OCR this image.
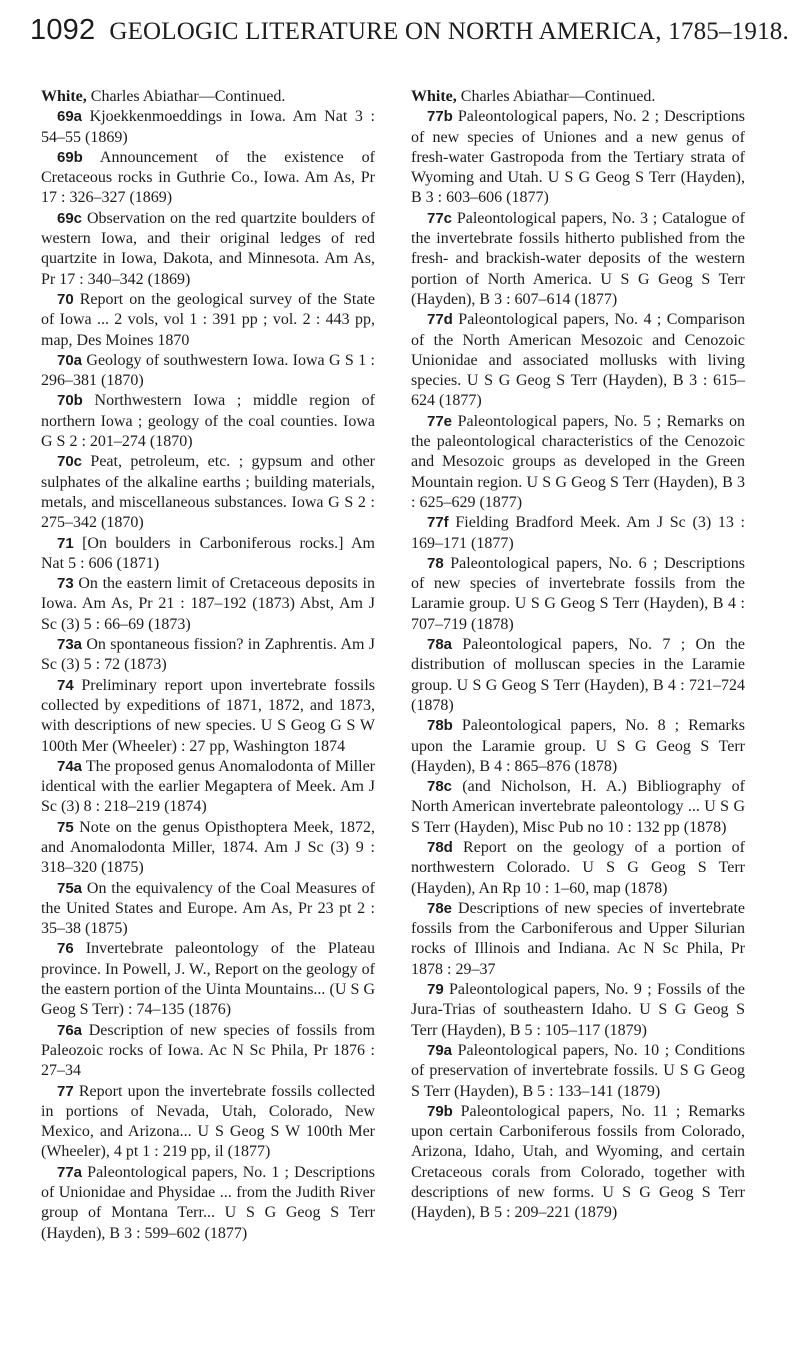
1092 GEOLOGIC LITERATURE ON NORTH AMERICA, 1785–1918.

White, Charles Abiathar—Continued.

69a Kjoekkenmoeddings in Iowa. Am Nat 3 : 54–55 (1869)

69b Announcement of the existence of Cretaceous rocks in Guthrie Co., Iowa. Am As, Pr 17 : 326–327 (1869)

69c Observation on the red quartzite boulders of western Iowa, and their original ledges of red quartzite in Iowa, Dakota, and Minnesota. Am As, Pr 17 : 340–342 (1869)

70 Report on the geological survey of the State of Iowa ... 2 vols, vol 1 : 391 pp ; vol. 2 : 443 pp, map, Des Moines 1870

70a Geology of southwestern Iowa. Iowa G S 1 : 296–381 (1870)

70b Northwestern Iowa ; middle region of northern Iowa ; geology of the coal counties. Iowa G S 2 : 201–274 (1870)

70c Peat, petroleum, etc. ; gypsum and other sulphates of the alkaline earths ; building materials, metals, and miscellaneous substances. Iowa G S 2 : 275–342 (1870)

71 [On boulders in Carboniferous rocks.] Am Nat 5 : 606 (1871)

73 On the eastern limit of Cretaceous deposits in Iowa. Am As, Pr 21 : 187–192 (1873) Abst, Am J Sc (3) 5 : 66–69 (1873)

73a On spontaneous fission? in Zaphrentis. Am J Sc (3) 5 : 72 (1873)

74 Preliminary report upon invertebrate fossils collected by expeditions of 1871, 1872, and 1873, with descriptions of new species. U S Geog G S W 100th Mer (Wheeler) : 27 pp, Washington 1874

74a The proposed genus Anomalodonta of Miller identical with the earlier Megaptera of Meek. Am J Sc (3) 8 : 218–219 (1874)

75 Note on the genus Opisthoptera Meek, 1872, and Anomalodonta Miller, 1874. Am J Sc (3) 9 : 318–320 (1875)

75a On the equivalency of the Coal Measures of the United States and Europe. Am As, Pr 23 pt 2 : 35–38 (1875)

76 Invertebrate paleontology of the Plateau province. In Powell, J. W., Report on the geology of the eastern portion of the Uinta Mountains... (U S G Geog S Terr) : 74–135 (1876)

76a Description of new species of fossils from Paleozoic rocks of Iowa. Ac N Sc Phila, Pr 1876 : 27–34

77 Report upon the invertebrate fossils collected in portions of Nevada, Utah, Colorado, New Mexico, and Arizona... U S Geog S W 100th Mer (Wheeler), 4 pt 1 : 219 pp, il (1877)

77a Paleontological papers, No. 1 ; Descriptions of Unionidae and Physidae ... from the Judith River group of Montana Terr... U S G Geog S Terr (Hayden), B 3 : 599–602 (1877)

White, Charles Abiathar—Continued.

77b Paleontological papers, No. 2 ; Descriptions of new species of Uniones and a new genus of fresh-water Gastropoda from the Tertiary strata of Wyoming and Utah. U S G Geog S Terr (Hayden), B 3 : 603–606 (1877)

77c Paleontological papers, No. 3 ; Catalogue of the invertebrate fossils hitherto published from the fresh- and brackish-water deposits of the western portion of North America. U S G Geog S Terr (Hayden), B 3 : 607–614 (1877)

77d Paleontological papers, No. 4 ; Comparison of the North American Mesozoic and Cenozoic Unionidae and associated mollusks with living species. U S G Geog S Terr (Hayden), B 3 : 615–624 (1877)

77e Paleontological papers, No. 5 ; Remarks on the paleontological characteristics of the Cenozoic and Mesozoic groups as developed in the Green Mountain region. U S G Geog S Terr (Hayden), B 3 : 625–629 (1877)

77f Fielding Bradford Meek. Am J Sc (3) 13 : 169–171 (1877)

78 Paleontological papers, No. 6 ; Descriptions of new species of invertebrate fossils from the Laramie group. U S G Geog S Terr (Hayden), B 4 : 707–719 (1878)

78a Paleontological papers, No. 7 ; On the distribution of molluscan species in the Laramie group. U S G Geog S Terr (Hayden), B 4 : 721–724 (1878)

78b Paleontological papers, No. 8 ; Remarks upon the Laramie group. U S G Geog S Terr (Hayden), B 4 : 865–876 (1878)

78c (and Nicholson, H. A.) Bibliography of North American invertebrate paleontology ... U S G S Terr (Hayden), Misc Pub no 10 : 132 pp (1878)

78d Report on the geology of a portion of northwestern Colorado. U S G Geog S Terr (Hayden), An Rp 10 : 1–60, map (1878)

78e Descriptions of new species of invertebrate fossils from the Carboniferous and Upper Silurian rocks of Illinois and Indiana. Ac N Sc Phila, Pr 1878 : 29–37

79 Paleontological papers, No. 9 ; Fossils of the Jura-Trias of southeastern Idaho. U S G Geog S Terr (Hayden), B 5 : 105–117 (1879)

79a Paleontological papers, No. 10 ; Conditions of preservation of invertebrate fossils. U S G Geog S Terr (Hayden), B 5 : 133–141 (1879)

79b Paleontological papers, No. 11 ; Remarks upon certain Carboniferous fossils from Colorado, Arizona, Idaho, Utah, and Wyoming, and certain Cretaceous corals from Colorado, together with descriptions of new forms. U S G Geog S Terr (Hayden), B 5 : 209–221 (1879)
